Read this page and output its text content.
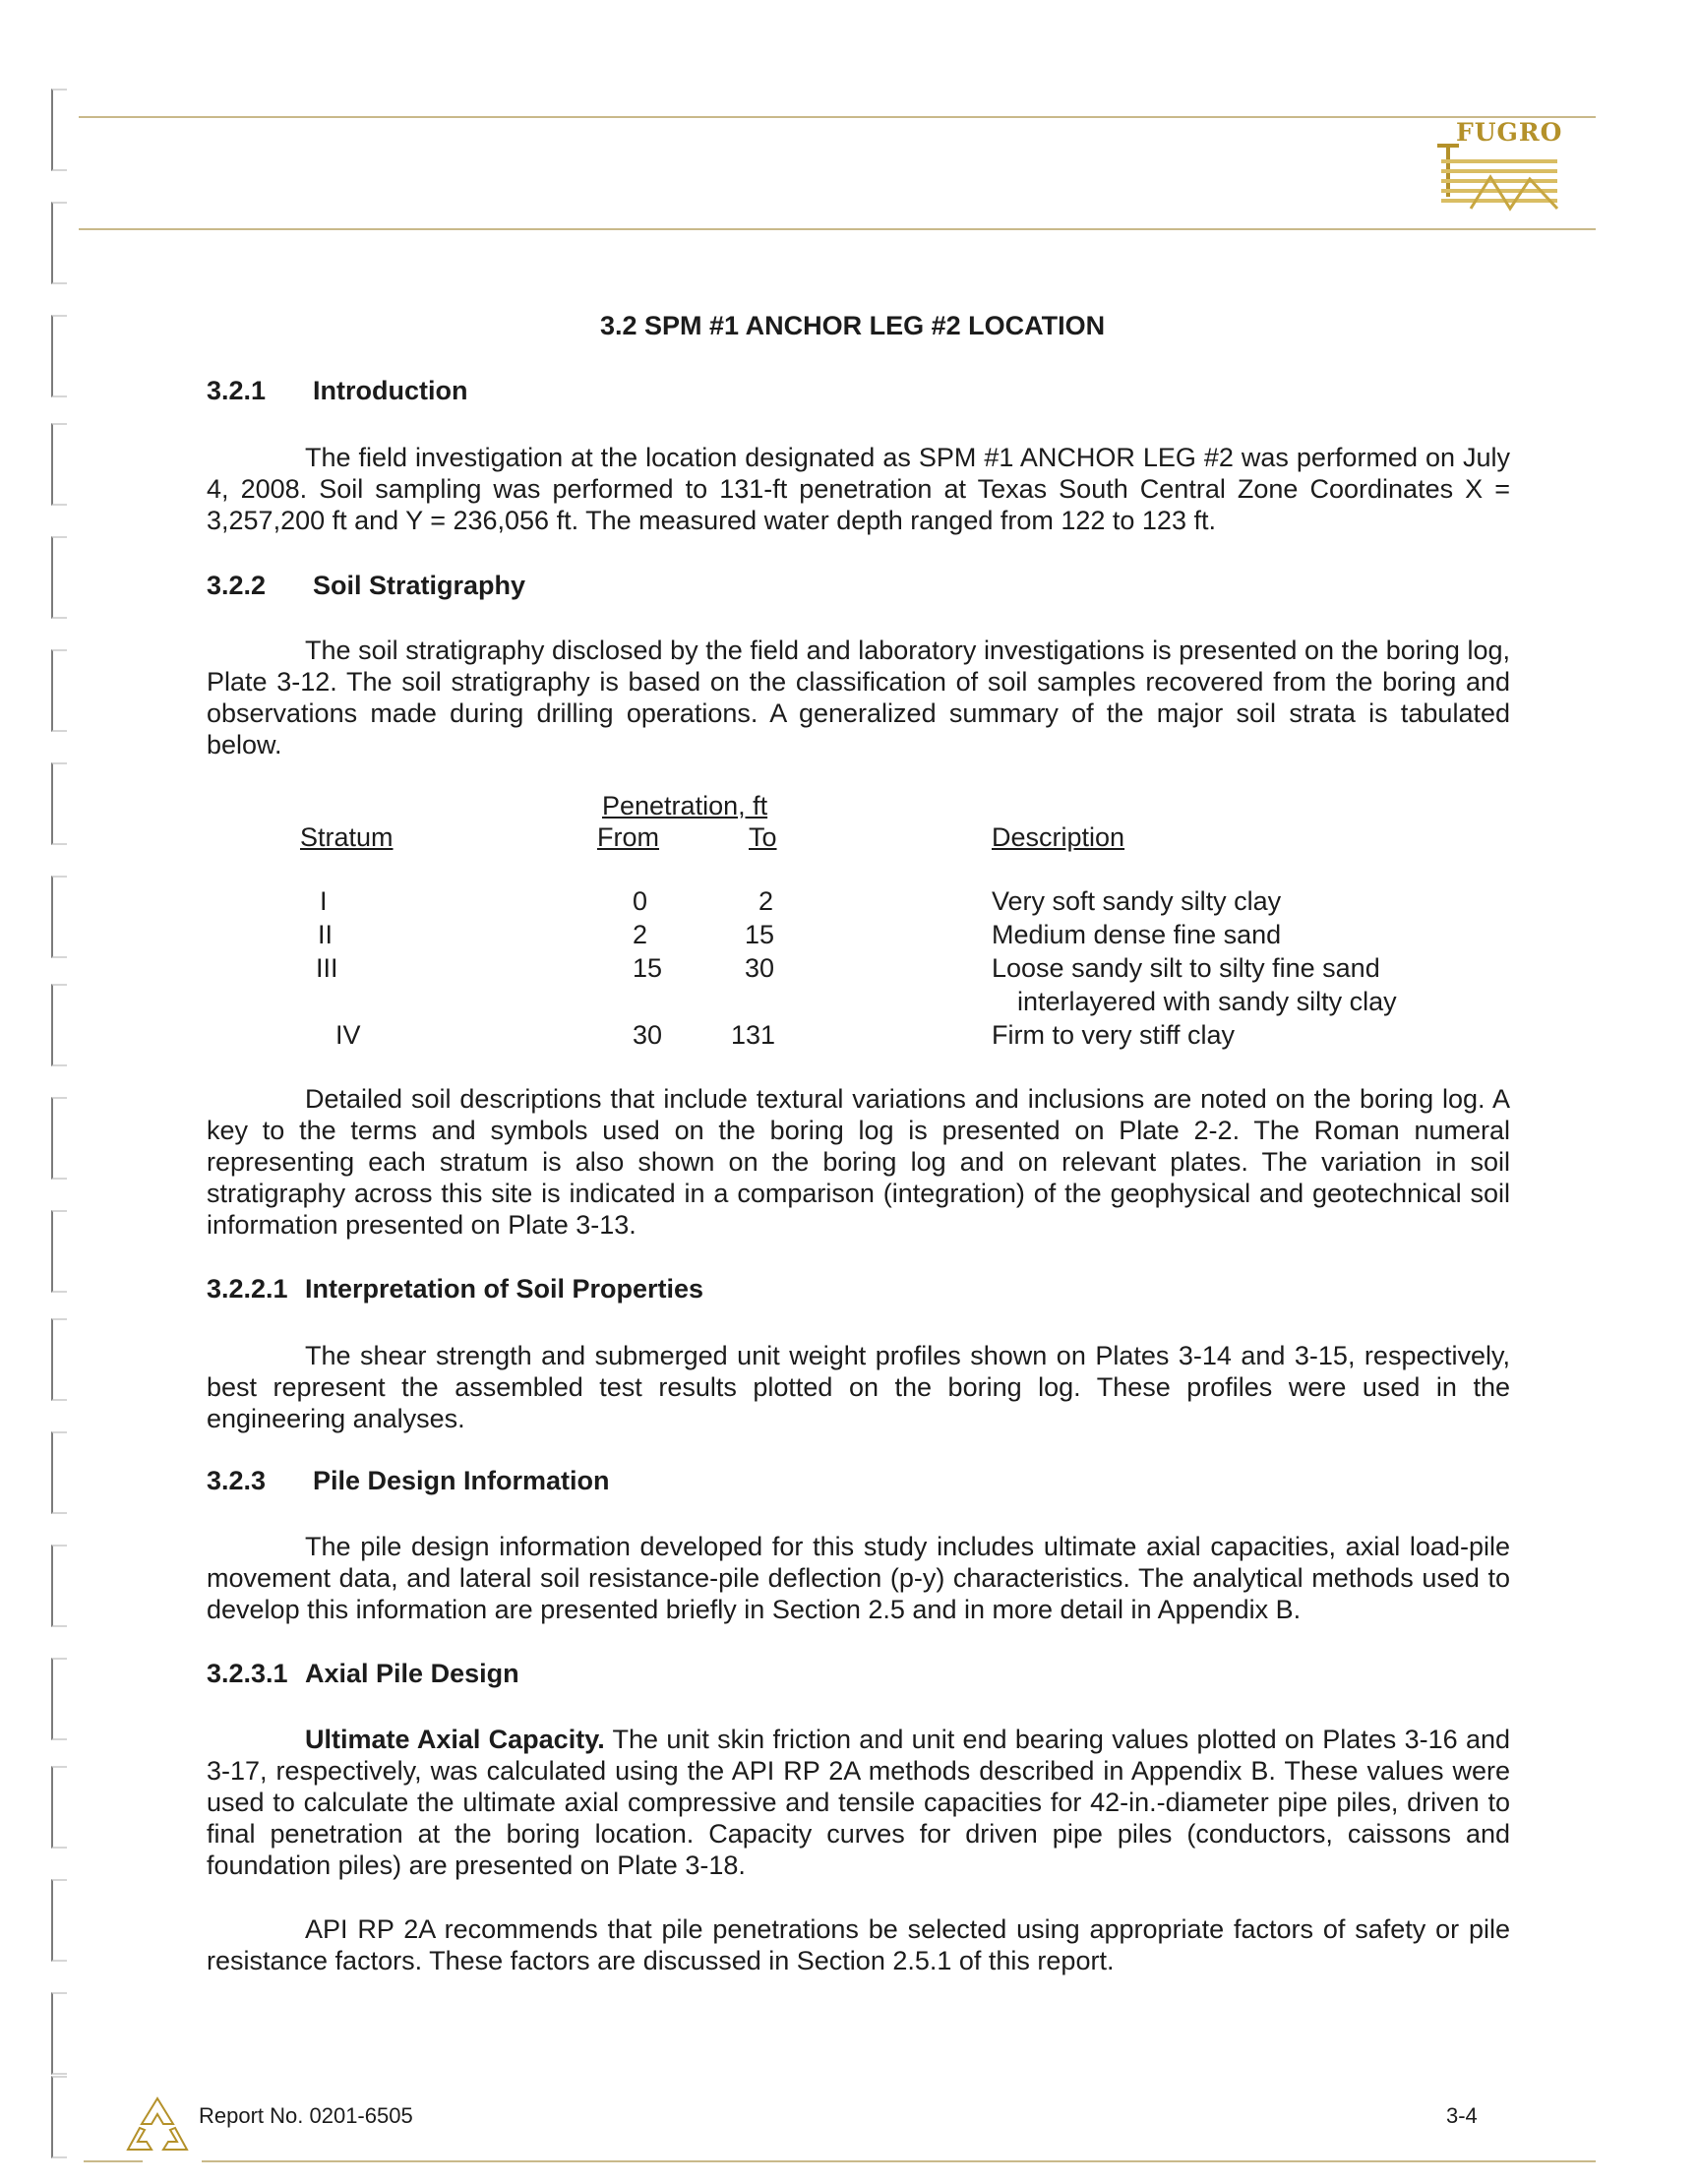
FUGRO
3.2 SPM #1 ANCHOR LEG #2 LOCATION
3.2.1 Introduction

The field investigation at the location designated as SPM #1 ANCHOR LEG #2 was performed on July 4, 2008. Soil sampling was performed to 131-ft penetration at Texas South Central Zone Coordinates X = 3,257,200 ft and Y = 236,056 ft. The measured water depth ranged from 122 to 123 ft.

3.2.2 Soil Stratigraphy

The soil stratigraphy disclosed by the field and laboratory investigations is presented on the boring log, Plate 3-12. The soil stratigraphy is based on the classification of soil samples recovered from the boring and observations made during drilling operations. A generalized summary of the major soil strata is tabulated below.

Penetration, ft
Stratum	From	To	Description
I	0	2	Very soft sandy silty clay
II	2	15	Medium dense fine sand
III	15	30	Loose sandy silt to silty fine sand
interlayered with sandy silty clay
IV	30	131	Firm to very stiff clay

Detailed soil descriptions that include textural variations and inclusions are noted on the boring log. A key to the terms and symbols used on the boring log is presented on Plate 2-2. The Roman numeral representing each stratum is also shown on the boring log and on relevant plates. The variation in soil stratigraphy across this site is indicated in a comparison (integration) of the geophysical and geotechnical soil information presented on Plate 3-13.

3.2.2.1 Interpretation of Soil Properties

The shear strength and submerged unit weight profiles shown on Plates 3-14 and 3-15, respectively, best represent the assembled test results plotted on the boring log. These profiles were used in the engineering analyses.

3.2.3 Pile Design Information

The pile design information developed for this study includes ultimate axial capacities, axial load-pile movement data, and lateral soil resistance-pile deflection (p-y) characteristics. The analytical methods used to develop this information are presented briefly in Section 2.5 and in more detail in Appendix B.

3.2.3.1 Axial Pile Design

Ultimate Axial Capacity. The unit skin friction and unit end bearing values plotted on Plates 3-16 and 3-17, respectively, was calculated using the API RP 2A methods described in Appendix B. These values were used to calculate the ultimate axial compressive and tensile capacities for 42-in.-diameter pipe piles, driven to final penetration at the boring location. Capacity curves for driven pipe piles (conductors, caissons and foundation piles) are presented on Plate 3-18.

API RP 2A recommends that pile penetrations be selected using appropriate factors of safety or pile resistance factors. These factors are discussed in Section 2.5.1 of this report.

Report No. 0201-6505	3-4
